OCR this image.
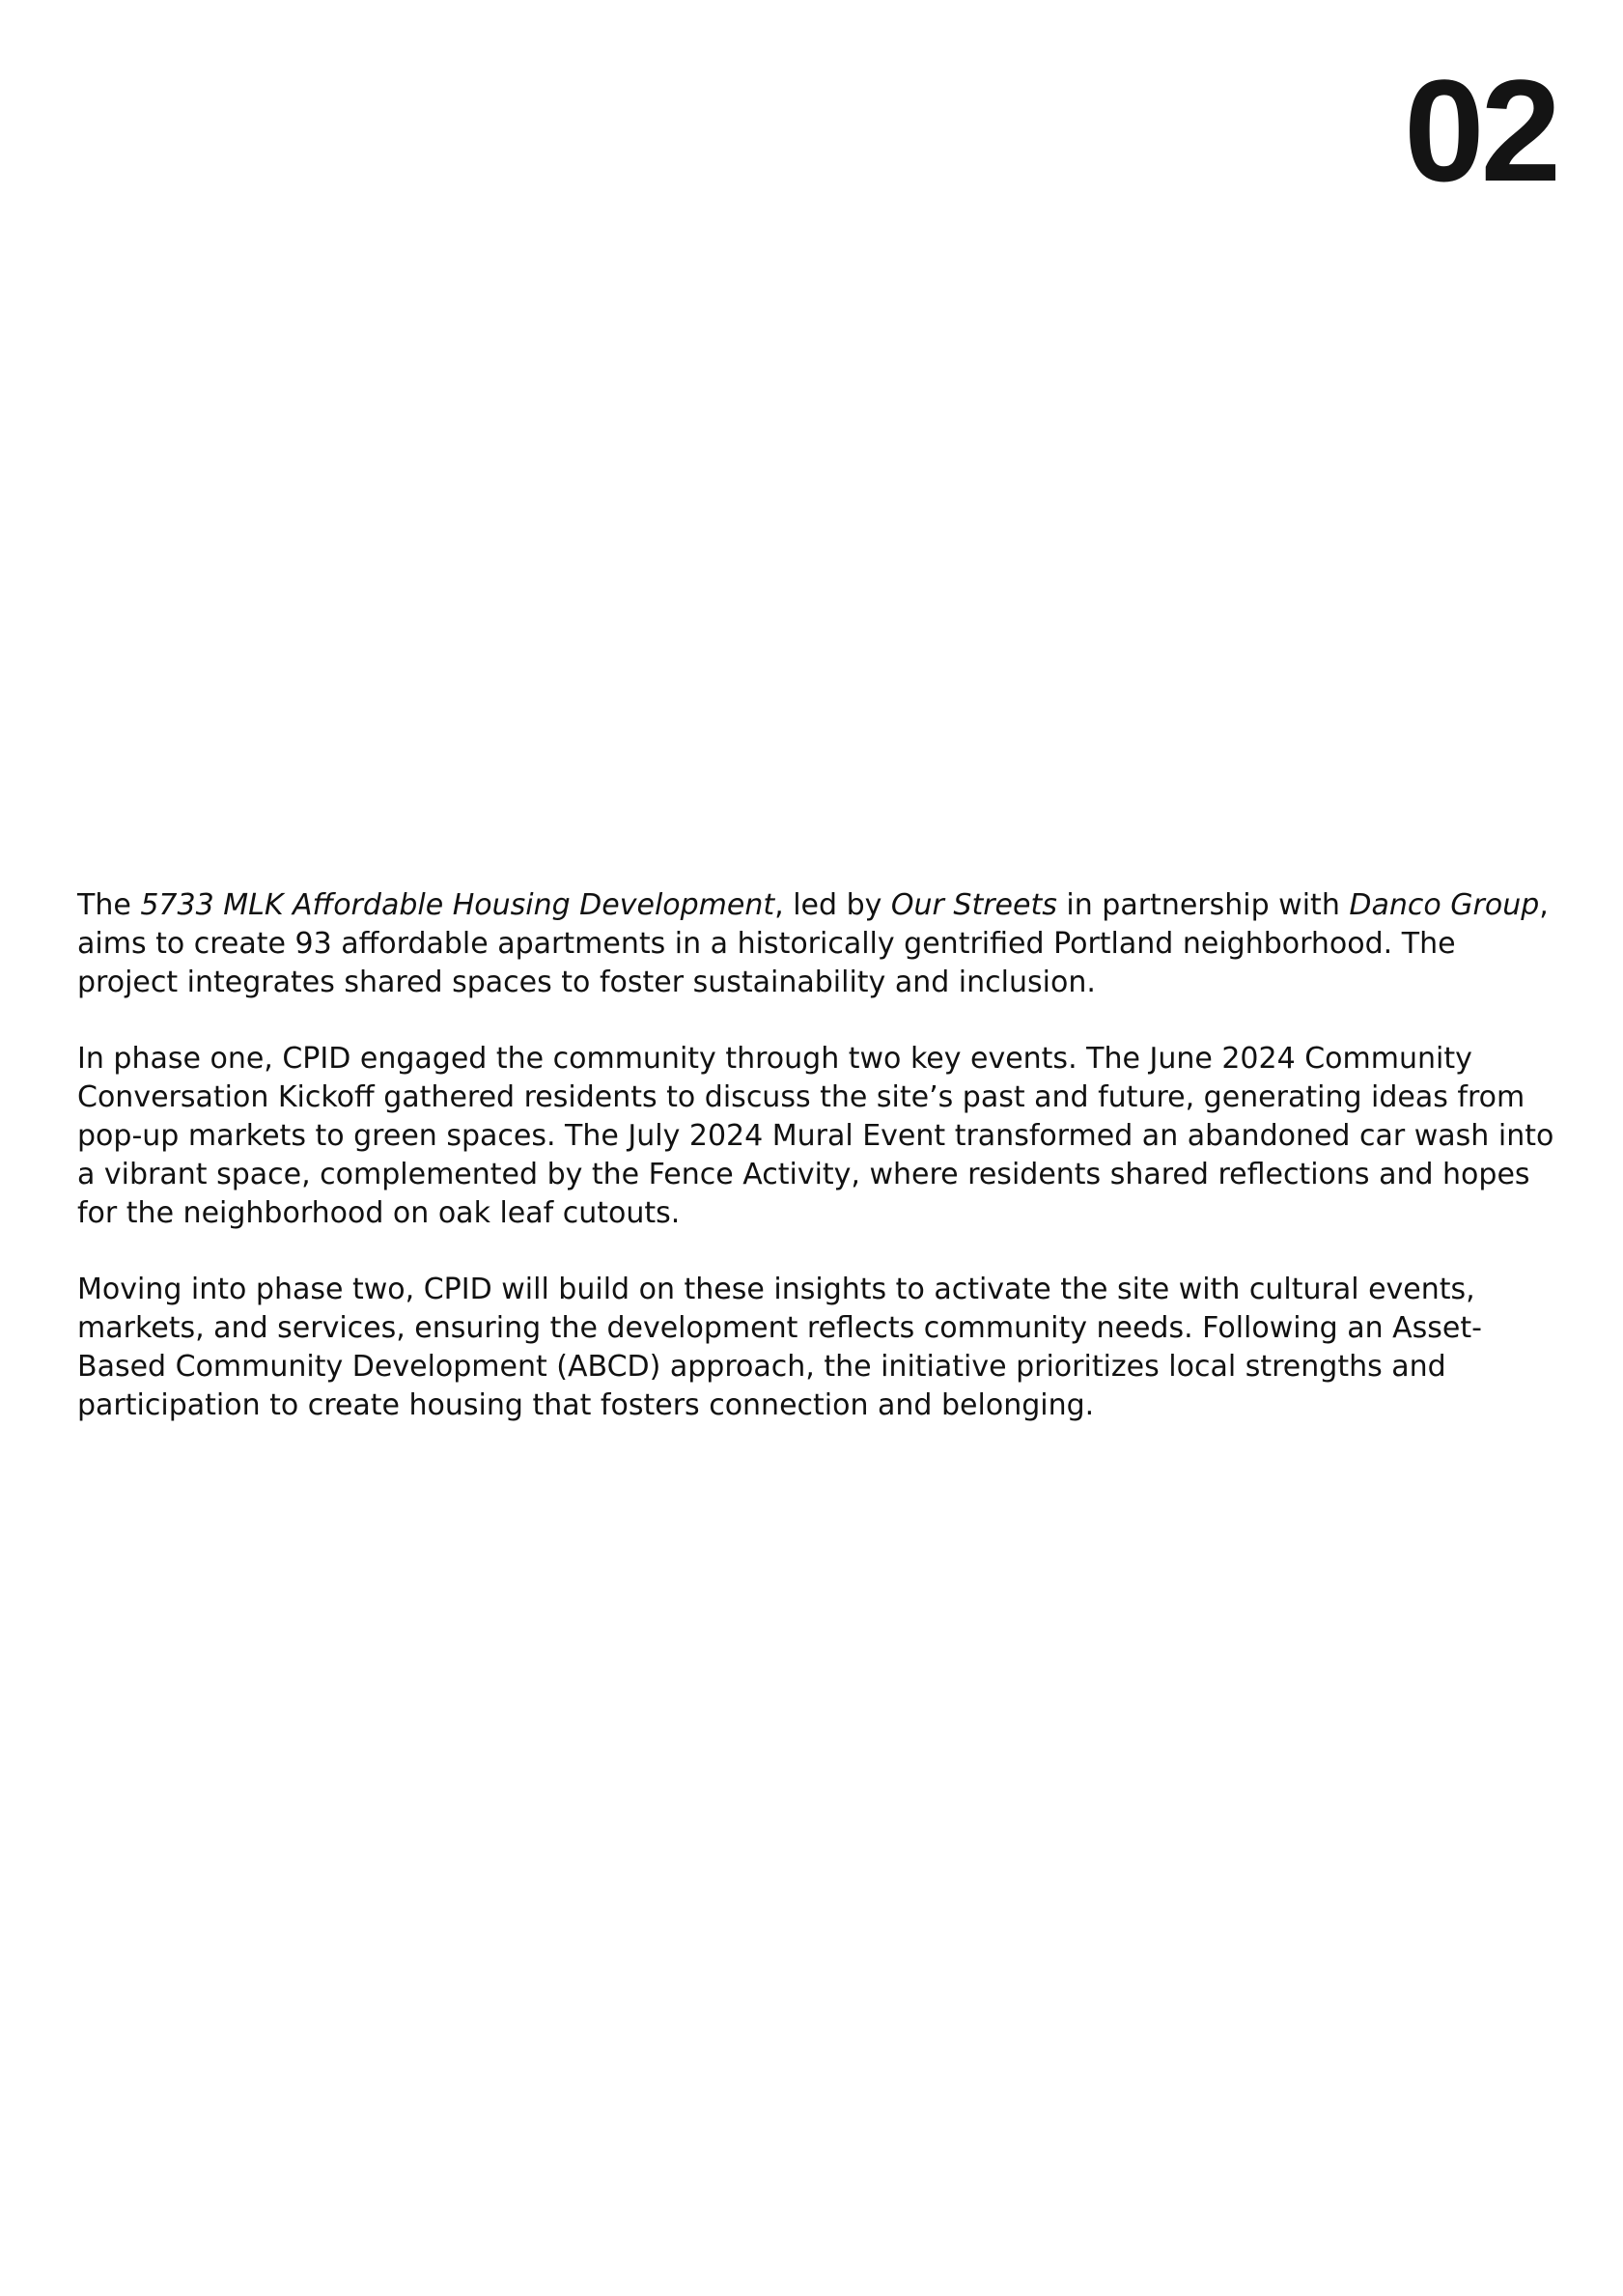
02

The 5733 MLK Affordable Housing Development, led by Our Streets in partnership with Danco Group, aims to create 93 affordable apartments in a historically gentrified Portland neighborhood. The project integrates shared spaces to foster sustainability and inclusion.

In phase one, CPID engaged the community through two key events. The June 2024 Community Conversation Kickoff gathered residents to discuss the site’s past and future, generating ideas from pop-up markets to green spaces. The July 2024 Mural Event transformed an abandoned car wash into a vibrant space, complemented by the Fence Activity, where residents shared reflections and hopes for the neighborhood on oak leaf cutouts.

Moving into phase two, CPID will build on these insights to activate the site with cultural events, markets, and services, ensuring the development reflects community needs. Following an Asset-Based Community Development (ABCD) approach, the initiative prioritizes local strengths and participation to create housing that fosters connection and belonging.
